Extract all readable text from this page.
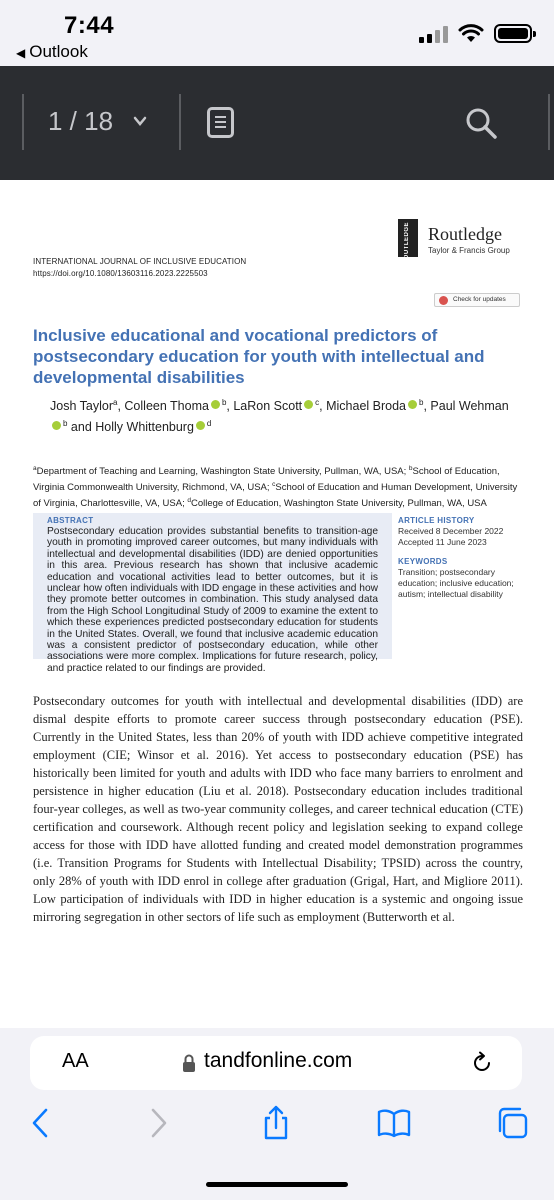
7:44
◀ Outlook
1 / 18
INTERNATIONAL JOURNAL OF INCLUSIVE EDUCATION
https://doi.org/10.1080/13603116.2023.2225503
ROUTLEDGE Routledge
Taylor & Francis Group
Check for updates
Inclusive educational and vocational predictors of postsecondary education for youth with intellectual and developmental disabilities
Josh Taylor$^a$, Colleen Thoma $^b$, LaRon Scott $^c$, Michael Broda $^b$, Paul Wehman$^b$ and Holly Whittenburg $^d$
$^a$Department of Teaching and Learning, Washington State University, Pullman, WA, USA; $^b$School of Education, Virginia Commonwealth University, Richmond, VA, USA; $^c$School of Education and Human Development, University of Virginia, Charlottesville, VA, USA; $^d$College of Education, Washington State University, Pullman, WA, USA
ABSTRACT
Postsecondary education provides substantial benefits to transition-age youth in promoting improved career outcomes, but many individuals with intellectual and developmental disabilities (IDD) are denied opportunities in this area. Previous research has shown that inclusive academic education and vocational activities lead to better outcomes, but it is unclear how often individuals with IDD engage in these activities and how they promote better outcomes in combination. This study analysed data from the High School Longitudinal Study of 2009 to examine the extent to which these experiences predicted postsecondary education for students in the United States. Overall, we found that inclusive academic education was a consistent predictor of postsecondary education, while other associations were more complex. Implications for future research, policy, and practice related to our findings are provided.
ARTICLE HISTORY
Received 8 December 2022
Accepted 11 June 2023
KEYWORDS
Transition; postsecondary education; inclusive education; autism; intellectual disability
Postsecondary outcomes for youth with intellectual and developmental disabilities (IDD) are dismal despite efforts to promote career success through postsecondary education (PSE). Currently in the United States, less than 20% of youth with IDD achieve competitive integrated employment (CIE; Winsor et al. 2016). Yet access to postsecondary education (PSE) has historically been limited for youth and adults with IDD who face many barriers to enrolment and persistence in higher education (Liu et al. 2018). Postsecondary education includes traditional four-year colleges, as well as two-year community colleges, and career technical education (CTE) certification and coursework. Although recent policy and legislation seeking to expand college access for those with IDD have allotted funding and created model demonstration programmes (i.e. Transition Programs for Students with Intellectual Disability; TPSID) across the country, only 28% of youth with IDD enrol in college after graduation (Grigal, Hart, and Migliore 2011). Low participation of individuals with IDD in higher education is a systemic and ongoing issue mirroring segregation in other sectors of life such as employment (Butterworth et al.
AA	tandfonline.com
